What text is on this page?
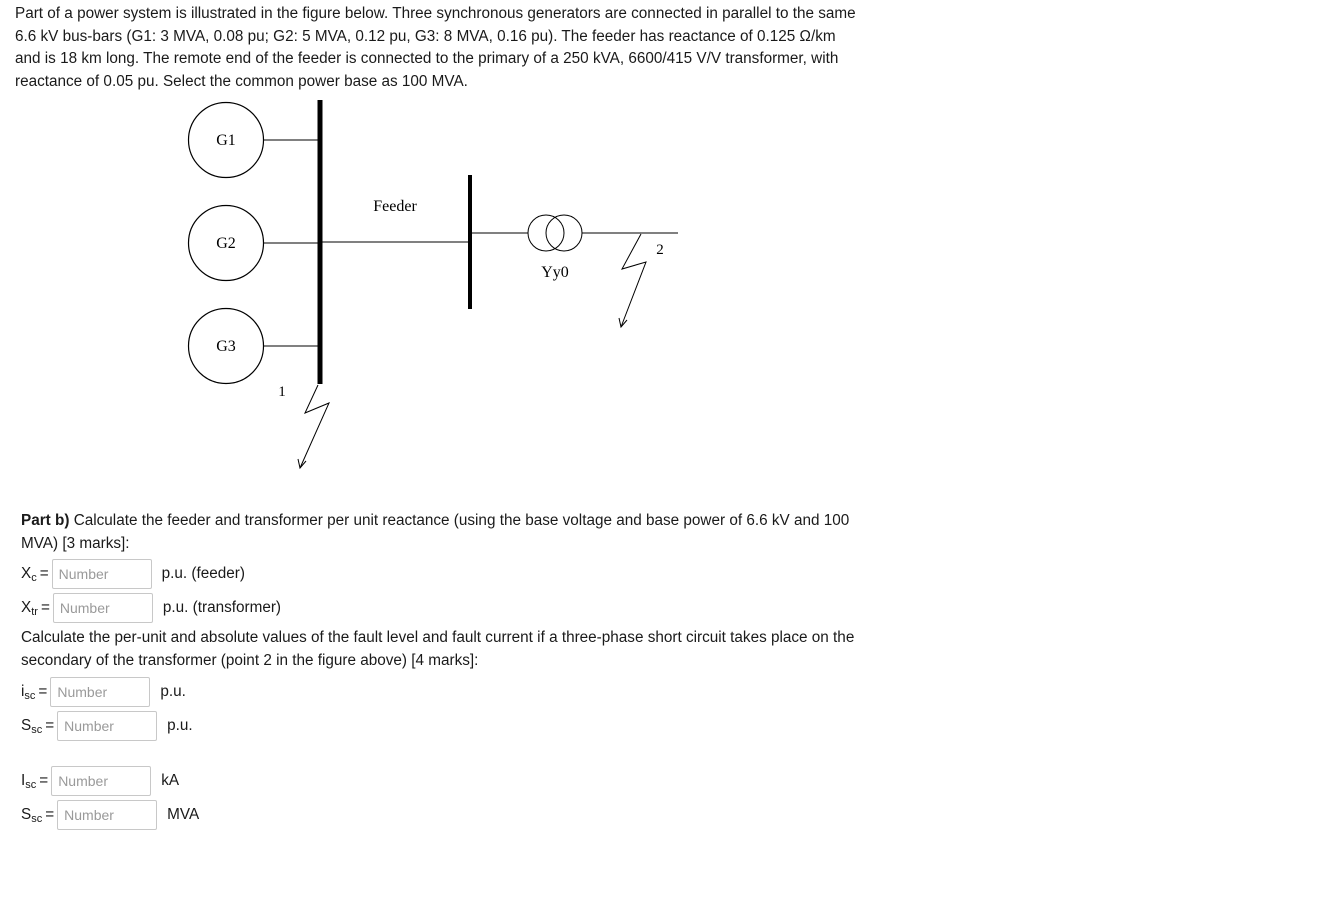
Part of a power system is illustrated in the figure below. Three synchronous generators are connected in parallel to the same 6.6 kV bus-bars (G1: 3 MVA, 0.08 pu; G2: 5 MVA, 0.12 pu, G3: 8 MVA, 0.16 pu). The feeder has reactance of 0.125 Ω/km and is 18 km long. The remote end of the feeder is connected to the primary of a 250 kVA, 6600/415 V/V transformer, with reactance of 0.05 pu. Select the common power base as 100 MVA.

G1
G2
G3
Feeder
Yy0
2
1

Part b) Calculate the feeder and transformer per unit reactance (using the base voltage and base power of 6.6 kV and 100 MVA) [3 marks]:

$X_c$ =
Number	p.u. (feeder)
$X_{tr}$ =
Number	p.u. (transformer)

Calculate the per-unit and absolute values of the fault level and fault current if a three-phase short circuit takes place on the secondary of the transformer (point 2 in the figure above) [4 marks]:

$i_{sc}$ =
Number	p.u.
$S_{sc}$ =
Number	p.u.
$I_{sc}$ =
Number	kA
$S_{sc}$ =
Number	MVA
